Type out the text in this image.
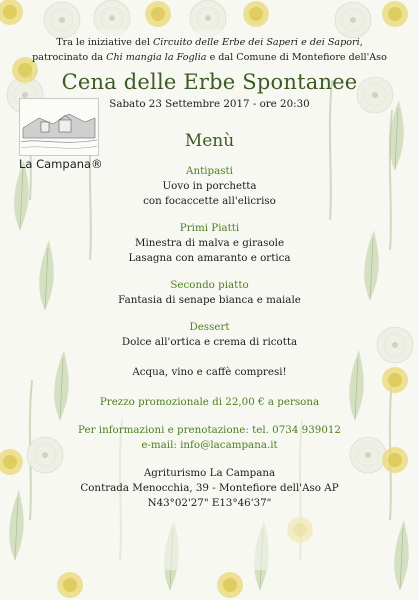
Tra le iniziative del Circuito delle Erbe dei Saperi e dei Sapori,
patrocinato da Chi mangia la Foglia e dal Comune di Montefiore dell'Aso
Cena delle Erbe Spontanee
Sabato 23 Settembre 2017 - ore 20:30
La Campana®
Menù
Antipasti
Uovo in porchetta
con focaccette all'elicriso
Primi Piatti
Minestra di malva e girasole
Lasagna con amaranto e ortica
Secondo piatto
Fantasia di senape bianca e maiale
Dessert
Dolce all'ortica e crema di ricotta
Acqua, vino e caffè compresi!
Prezzo promozionale di 22,00 € a persona
Per informazioni e prenotazione: tel. 0734 939012
e-mail: info@lacampana.it
Agriturismo La Campana
Contrada Menocchia, 39 - Montefiore dell'Aso AP
N43°02'27" E13°46'37"
